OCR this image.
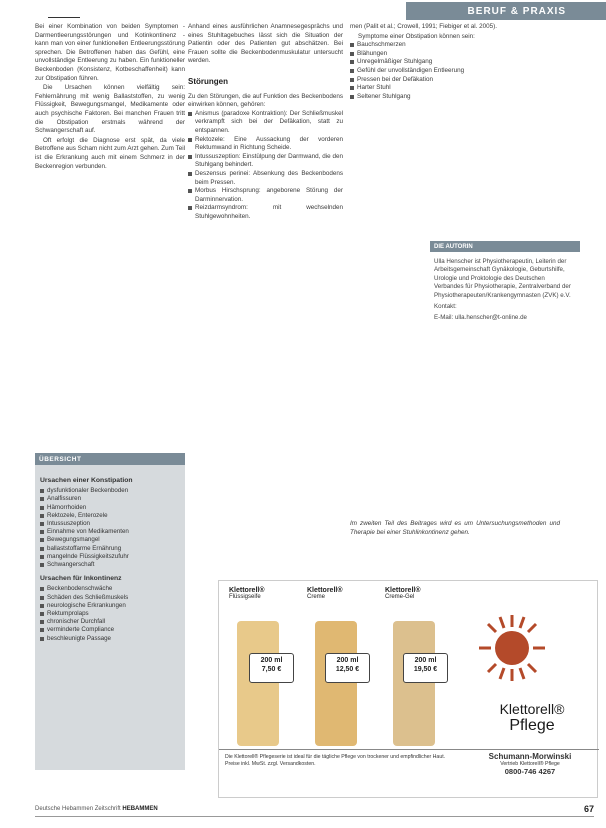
BERUF & PRAXIS

Bei einer Kombination von beiden Symptomen - Darmentleerungsstörungen und Kotinkontinenz - kann man von einer funktionellen Entleerungsstörung sprechen. Die Betroffenen haben das Gefühl, eine unvollständige Entleerung zu haben. Ein funktioneller Beckenboden (Konsistenz, Kotbeschaffenheit) kann zur Obstipation führen.

Die Ursachen können vielfältig sein: Fehlernährung mit wenig Ballaststoffen, zu wenig Flüssigkeit, Bewegungsmangel, Medikamente oder auch psychische Faktoren. Bei manchen Frauen tritt die Obstipation erstmals während der Schwangerschaft auf.

Oft erfolgt die Diagnose erst spät, da viele Betroffene aus Scham nicht zum Arzt gehen. Zum Teil ist die Erkrankung auch mit einem Schmerz in der Beckenregion verbunden.

ÜBERSICHT
Ursachen einer Konstipation
dysfunktionaler Beckenboden
Analfissuren
Hämorrhoiden
Rektozele, Enterozele
Intussuszeption
Einnahme von Medikamenten
Bewegungsmangel
ballaststoffarme Ernährung
mangelnde Flüssigkeitszufuhr
Schwangerschaft
Ursachen für Inkontinenz
Beckenbodenschwäche
Schäden des Schließmuskels
neurologische Erkrankungen
Rektumprolaps
chronischer Durchfall
verminderte Compliance
beschleunigte Passage

Anhand eines ausführlichen Anamnesegesprächs und eines Stuhltagebuches lässt sich die Situation der Patientin oder des Patienten gut abschätzen. Bei Frauen sollte die Beckenbodenmuskulatur untersucht werden.

Störungen

Zu den Störungen, die auf Funktion des Beckenbodens einwirken können, gehören:

Anismus (paradoxe Kontraktion): Der Schließmuskel verkrampft sich bei der Defäkation, statt zu entspannen.
Rektozele: Eine Aussackung der vorderen Rektumwand in Richtung Scheide.
Intussuszeption: Einstülpung der Darmwand, die den Stuhlgang behindert.
Deszensus perinei: Absenkung des Beckenbodens beim Pressen.
Morbus Hirschsprung: angeborene Störung der Darminnervation.
Reizdarmsyndrom: mit wechselnden Stuhlgewohnheiten.

men (Palit et al.; Crowell, 1991; Fiebiger et al. 2005).

Symptome einer Obstipation können sein:

Bauchschmerzen
Blähungen
Unregelmäßiger Stuhlgang
Gefühl der unvollständigen Entleerung
Pressen bei der Defäkation
Harter Stuhl
Seltener Stuhlgang

Im zweiten Teil des Beitrages wird es um Untersuchungsmethoden und Therapie bei einer Stuhlinkontinenz gehen.

DIE AUTORIN

Ulla Henscher ist Physiotherapeutin, Leiterin der Arbeitsgemeinschaft Gynäkologie, Geburtshilfe, Urologie und Proktologie des Deutschen Verbandes für Physiotherapie, Zentralverband der Physiotherapeuten/Krankengymnasten (ZVK) e.V.

Kontakt:

E-Mail: ulla.henscher@t-online.de

Klettorell®
Flüssigseife
200 ml
7,50 €
Klettorell®
Creme
200 ml
12,50 €
Klettorell®
Creme-Gel
200 ml
19,50 €
Klettorell®
Pflege
Die Klettorell® Pflegeserie ist ideal für die tägliche Pflege von trockener und empfindlicher Haut. Preise inkl. MwSt. zzgl. Versandkosten.
Schumann-Morwinski
Vertrieb Klettorell® Pflege
0800-746 4267
Deutsche Hebammen Zeitschrift HEBAMMEN	67
